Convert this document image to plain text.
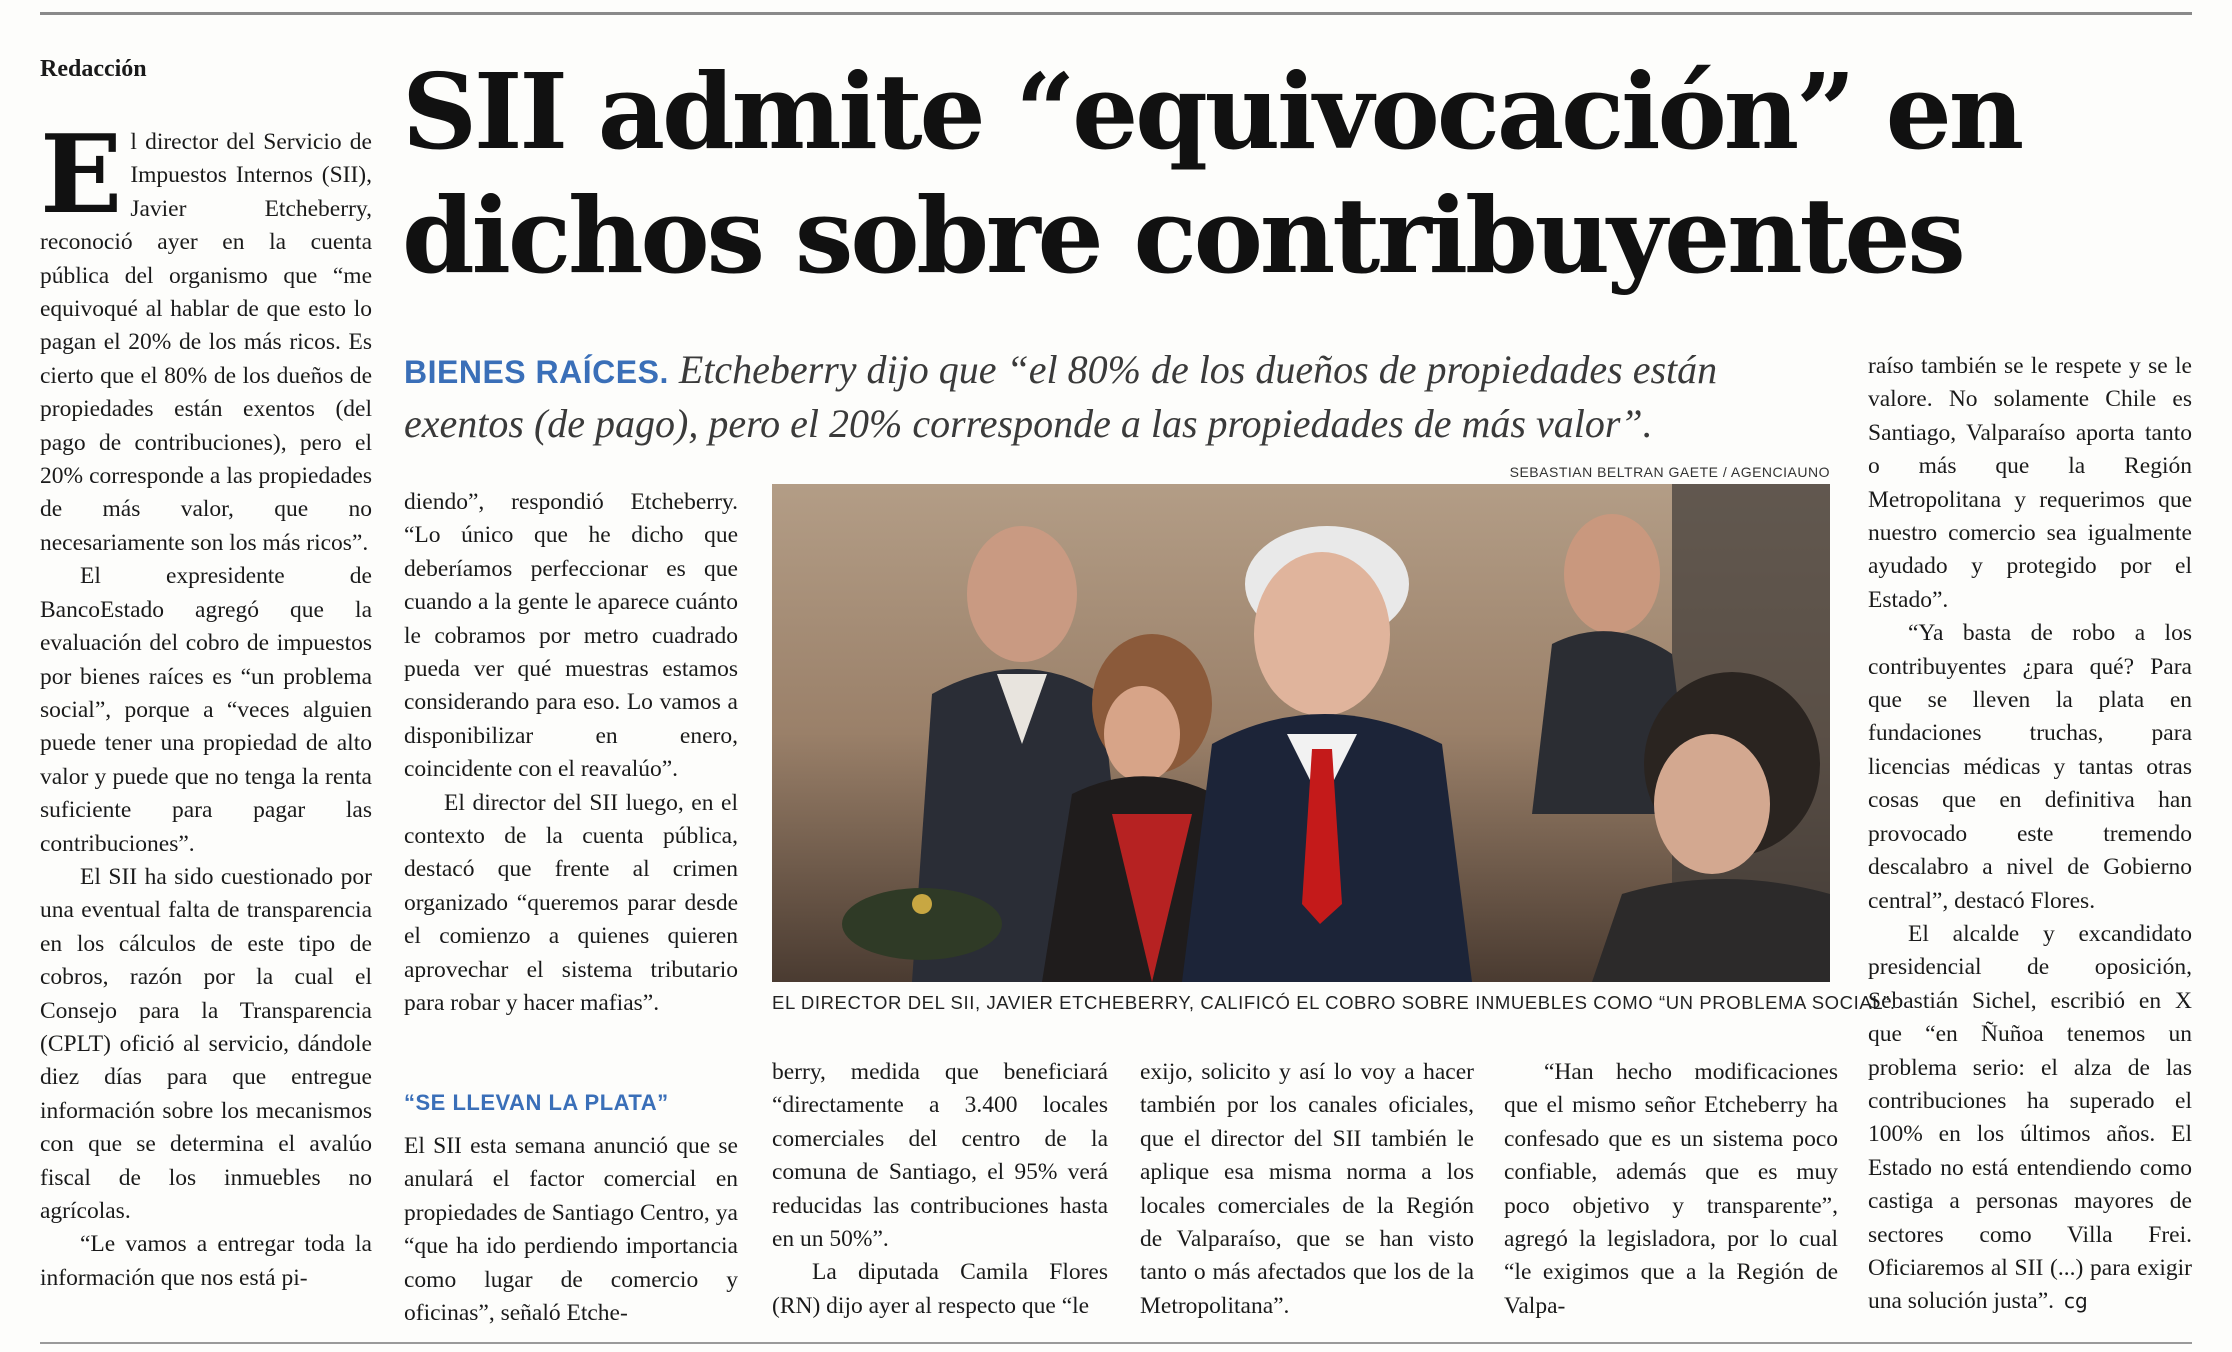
Redacción SII admite “equivocación” en
dichos sobre contribuyentes
BIENES RAÍCES. Etcheberry dijo que “el 80% de los dueños de propiedades están exentos (de pago), pero el 20% corresponde a las propiedades de más valor”.

El director del Servicio de Impuestos Internos (SII), Javier Etcheberry, reconoció ayer en la cuenta pública del organismo que “me equivoqué al hablar de que esto lo pagan el 20% de los más ricos. Es cierto que el 80% de los dueños de propiedades están exentos (del pago de contribuciones), pero el 20% corresponde a las propiedades de más valor, que no necesariamente son los más ricos”.

El expresidente de BancoEstado agregó que la evaluación del cobro de impuestos por bienes raíces es “un problema social”, porque a “veces alguien puede tener una propiedad de alto valor y puede que no tenga la renta suficiente para pagar las contribuciones”.

El SII ha sido cuestionado por una eventual falta de transparencia en los cálculos de este tipo de cobros, razón por la cual el Consejo para la Transparencia (CPLT) ofició al servicio, dándole diez días para que entregue información sobre los mecanismos con que se determina el avalúo fiscal de los inmuebles no agrícolas.

“Le vamos a entregar toda la información que nos está pi-

SEBASTIAN BELTRAN GAETE / AGENCIAUNO
EL DIRECTOR DEL SII, JAVIER ETCHEBERRY, CALIFICÓ EL COBRO SOBRE INMUEBLES COMO “UN PROBLEMA SOCIAL”.

diendo”, respondió Etcheberry. “Lo único que he dicho que deberíamos perfeccionar es que cuando a la gente le aparece cuánto le cobramos por metro cuadrado pueda ver qué muestras estamos considerando para eso. Lo vamos a disponibilizar en enero, coincidente con el reavalúo”.

El director del SII luego, en el contexto de la cuenta pública, destacó que frente al crimen organizado “queremos parar desde el comienzo a quienes quieren aprovechar el sistema tributario para robar y hacer mafias”.

“SE LLEVAN LA PLATA”

El SII esta semana anunció que se anulará el factor comercial en propiedades de Santiago Centro, ya “que ha ido perdiendo importancia como lugar de comercio y oficinas”, señaló Etche-

berry, medida que beneficiará “directamente a 3.400 locales comerciales del centro de la comuna de Santiago, el 95% verá reducidas las contribuciones hasta en un 50%”.

La diputada Camila Flores (RN) dijo ayer al respecto que “le

exijo, solicito y así lo voy a hacer también por los canales oficiales, que el director del SII también le aplique esa misma norma a los locales comerciales de la Región de Valparaíso, que se han visto tanto o más afectados que los de la Metropolitana”.

“Han hecho modificaciones que el mismo señor Etcheberry ha confesado que es un sistema poco confiable, además que es muy poco objetivo y transparente”, agregó la legisladora, por lo cual “le exigimos que a la Región de Valpa-

raíso también se le respete y se le valore. No solamente Chile es Santiago, Valparaíso aporta tanto o más que la Región Metropolitana y requerimos que nuestro comercio sea igualmente ayudado y protegido por el Estado”.

“Ya basta de robo a los contribuyentes ¿para qué? Para que se lleven la plata en fundaciones truchas, para licencias médicas y tantas otras cosas que en definitiva han provocado este tremendo descalabro a nivel de Gobierno central”, destacó Flores.

El alcalde y excandidato presidencial de oposición, Sebastián Sichel, escribió en X que “en Ñuñoa tenemos un problema serio: el alza de las contribuciones ha superado el 100% en los últimos años. El Estado no está entendiendo como castiga a personas mayores de sectores como Villa Frei. Oficiaremos al SII (...) para exigir una solución justa”. cg
